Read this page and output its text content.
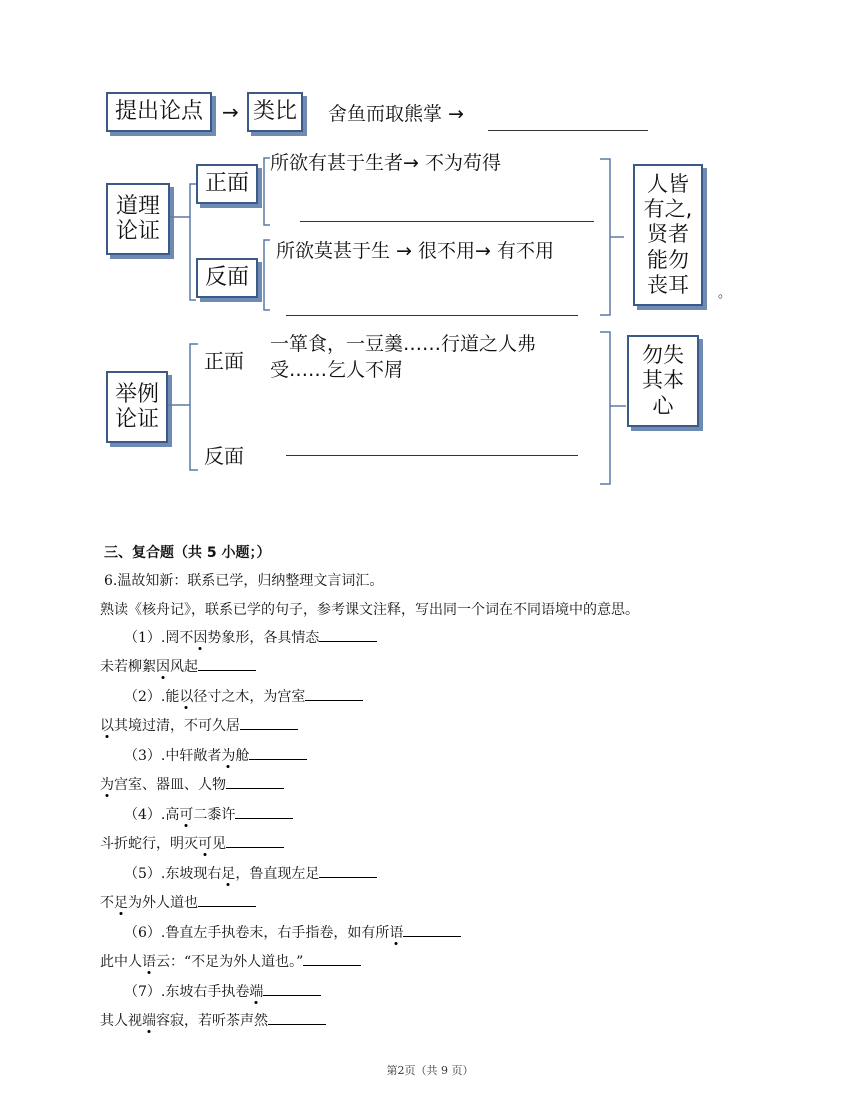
提出论点 → 类比 舍鱼而取熊掌 →
道理
论证
正面
所欲有甚于生者→ 不为苟得
反面
所欲莫甚于生 → 很不用→ 有不用
人皆
有之,
贤者
能勿
丧耳 。
举例
论证
正面
一箪食，一豆羹……行道之人弗
受……乞人不屑
反面
勿失
其本
心
三、复合题（共 5 小题；）
6.温故知新：联系已学，归纳整理文言词汇。
熟读《核舟记》，联系已学的句子，参考课文注释，写出同一个词在不同语境中的意思。
（1）.罔不因势象形，各具情态
未若柳絮因风起
（2）.能以径寸之木，为宫室
以其境过清，不可久居
（3）.中轩敞者为舱
为宫室、器皿、人物
（4）.高可二黍许
斗折蛇行，明灭可见
（5）.东坡现右足，鲁直现左足
不足为外人道也
（6）.鲁直左手执卷末，右手指卷，如有所语
此中人语云：“不足为外人道也。”
（7）.东坡右手执卷端
其人视端容寂，若听茶声然
第2页（共 9 页）
